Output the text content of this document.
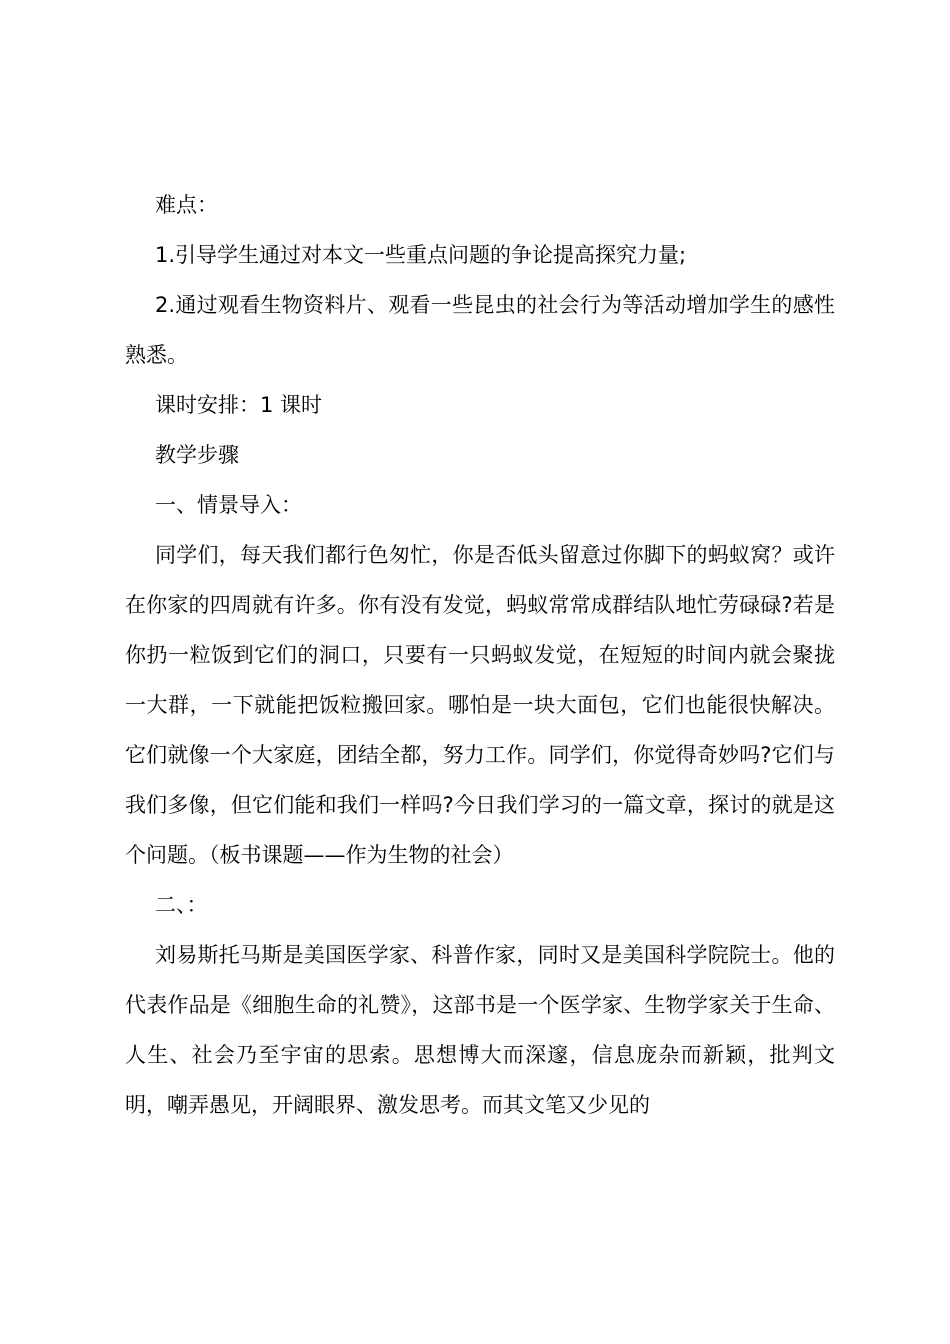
难点：

1.引导学生通过对本文一些重点问题的争论提高探究力量;

2.通过观看生物资料片、观看一些昆虫的社会行为等活动增加学生的感性熟悉。

课时安排：1 课时

教学步骤

一、情景导入：

同学们，每天我们都行色匆忙，你是否低头留意过你脚下的蚂蚁窝？或许在你家的四周就有许多。你有没有发觉，蚂蚁常常成群结队地忙劳碌碌?若是你扔一粒饭到它们的洞口，只要有一只蚂蚁发觉，在短短的时间内就会聚拢一大群，一下就能把饭粒搬回家。哪怕是一块大面包，它们也能很快解决。它们就像一个大家庭，团结全都，努力工作。同学们，你觉得奇妙吗?它们与我们多像，但它们能和我们一样吗?今日我们学习的一篇文章，探讨的就是这个问题。（板书课题——作为生物的社会）

二、：

刘易斯托马斯是美国医学家、科普作家，同时又是美国科学院院士。他的代表作品是《细胞生命的礼赞》，这部书是一个医学家、生物学家关于生命、人生、社会乃至宇宙的思索。思想博大而深邃，信息庞杂而新颖，批判文明，嘲弄愚见，开阔眼界、激发思考。而其文笔又少见的
